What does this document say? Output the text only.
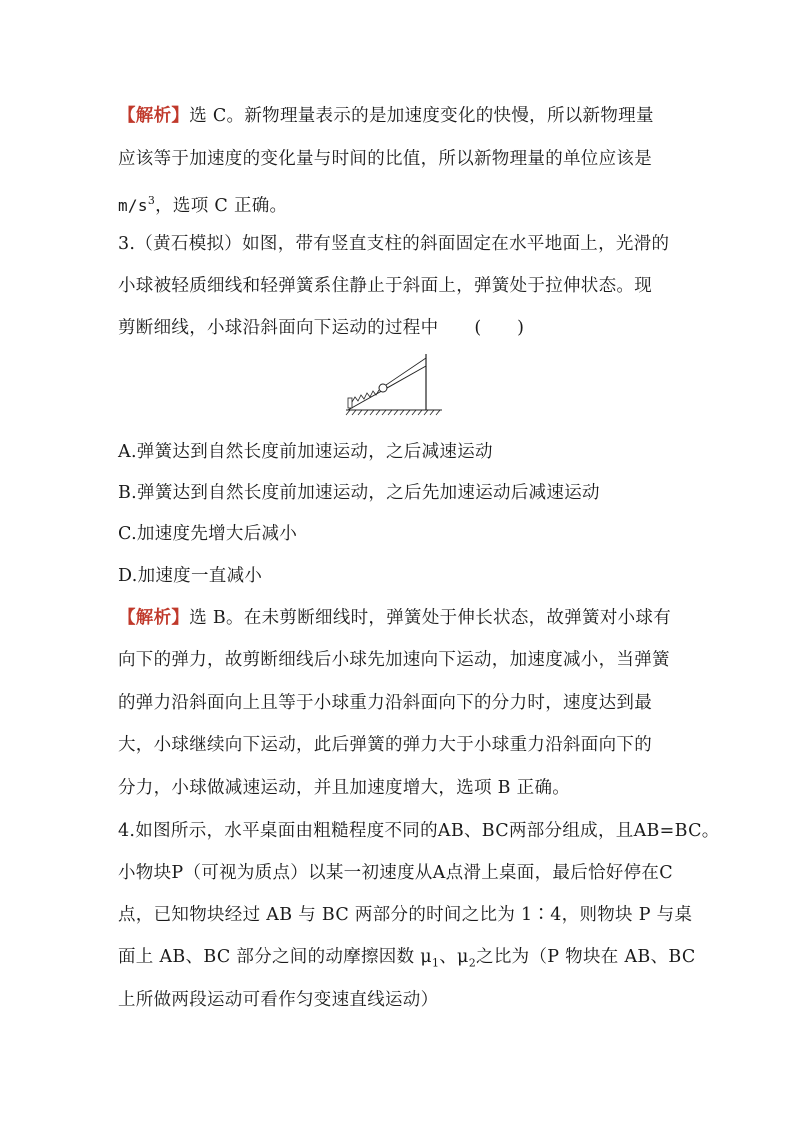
【解析】选 C。新物理量表示的是加速度变化的快慢，所以新物理量
应该等于加速度的变化量与时间的比值，所以新物理量的单位应该是
$m/s^3$，选项 C 正确。
3.（黄石模拟）如图，带有竖直支柱的斜面固定在水平地面上，光滑的
小球被轻质细线和轻弹簧系住静止于斜面上，弹簧处于拉伸状态。现
剪断细线，小球沿斜面向下运动的过程中 (　　)
A.弹簧达到自然长度前加速运动，之后减速运动
B.弹簧达到自然长度前加速运动，之后先加速运动后减速运动
C.加速度先增大后减小
D.加速度一直减小
【解析】选 B。在未剪断细线时，弹簧处于伸长状态，故弹簧对小球有
向下的弹力，故剪断细线后小球先加速向下运动，加速度减小，当弹簧
的弹力沿斜面向上且等于小球重力沿斜面向下的分力时，速度达到最
大，小球继续向下运动，此后弹簧的弹力大于小球重力沿斜面向下的
分力，小球做减速运动，并且加速度增大，选项 B 正确。
4.如图所示，水平桌面由粗糙程度不同的AB、BC两部分组成，且AB=BC。
小物块P（可视为质点）以某一初速度从A点滑上桌面，最后恰好停在C
点，已知物块经过 AB 与 BC 两部分的时间之比为 1∶4，则物块 P 与桌
面上 AB、BC 部分之间的动摩擦因数 $\mu_1$、$\mu_2$之比为（P 物块在 AB、BC
上所做两段运动可看作匀变速直线运动）
